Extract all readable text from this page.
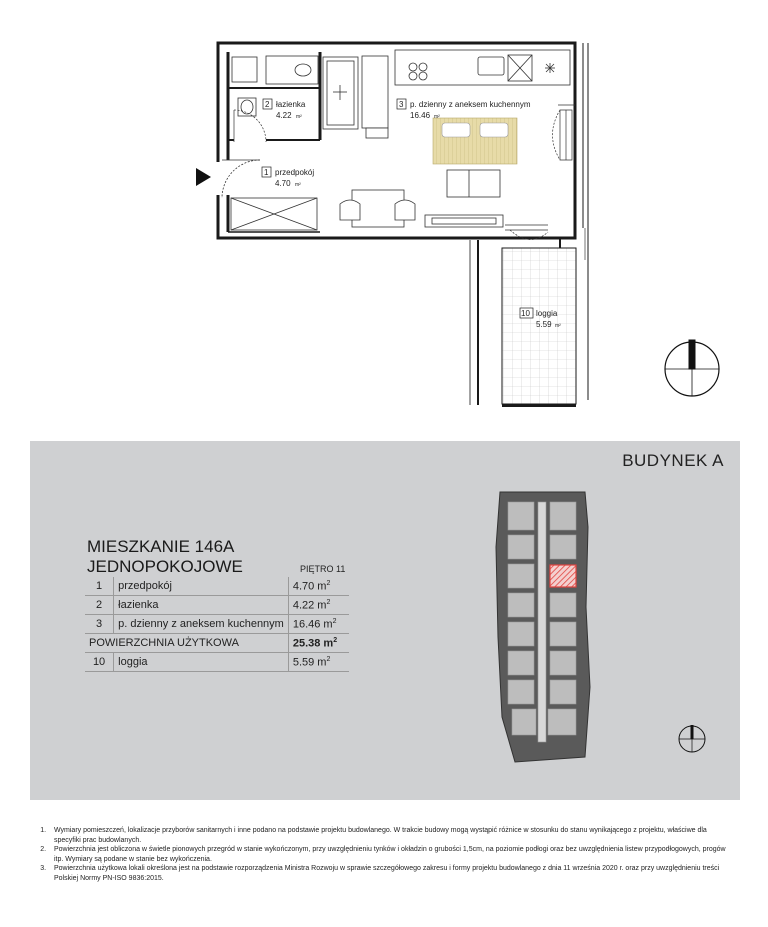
2 łazienka
4.22 m²
1 przedpokój
4.70 m²
3 p. dzienny z aneksem kuchennym
16.46 m²
10 loggia
5.59 m²
BUDYNEK A
MIESZKANIE 146A
JEDNOPOKOJOWE	PIĘTRO 11
1	przedpokój	4.70 $m^2$
2	łazienka	4.22 $m^2$
3	p. dzienny z aneksem kuchennym	16.46 $m^2$
POWIERZCHNIA UŻYTKOWA		25.38 $m^2$
10	loggia	5.59 $m^2$
1. Wymiary pomieszczeń, lokalizacje przyborów sanitarnych i inne podano na podstawie projektu budowlanego. W trakcie budowy mogą wystąpić różnice w stosunku do stanu wynikającego z projektu, właściwe dla specyfiki prac budowlanych.
2. Powierzchnia jest obliczona w świetle pionowych przegród w stanie wykończonym, przy uwzględnieniu tynków i okładzin o grubości 1,5cm, na poziomie podłogi oraz bez uwzględnienia listew przypodłogowych, progów itp. Wymiary są podane w stanie bez wykończenia.
3. Powierzchnia użytkowa lokali określona jest na podstawie rozporządzenia Ministra Rozwoju w sprawie szczegółowego zakresu i formy projektu budowlanego z dnia 11 września 2020 r. oraz przy uwzględnieniu treści Polskiej Normy PN-ISO 9836:2015.
